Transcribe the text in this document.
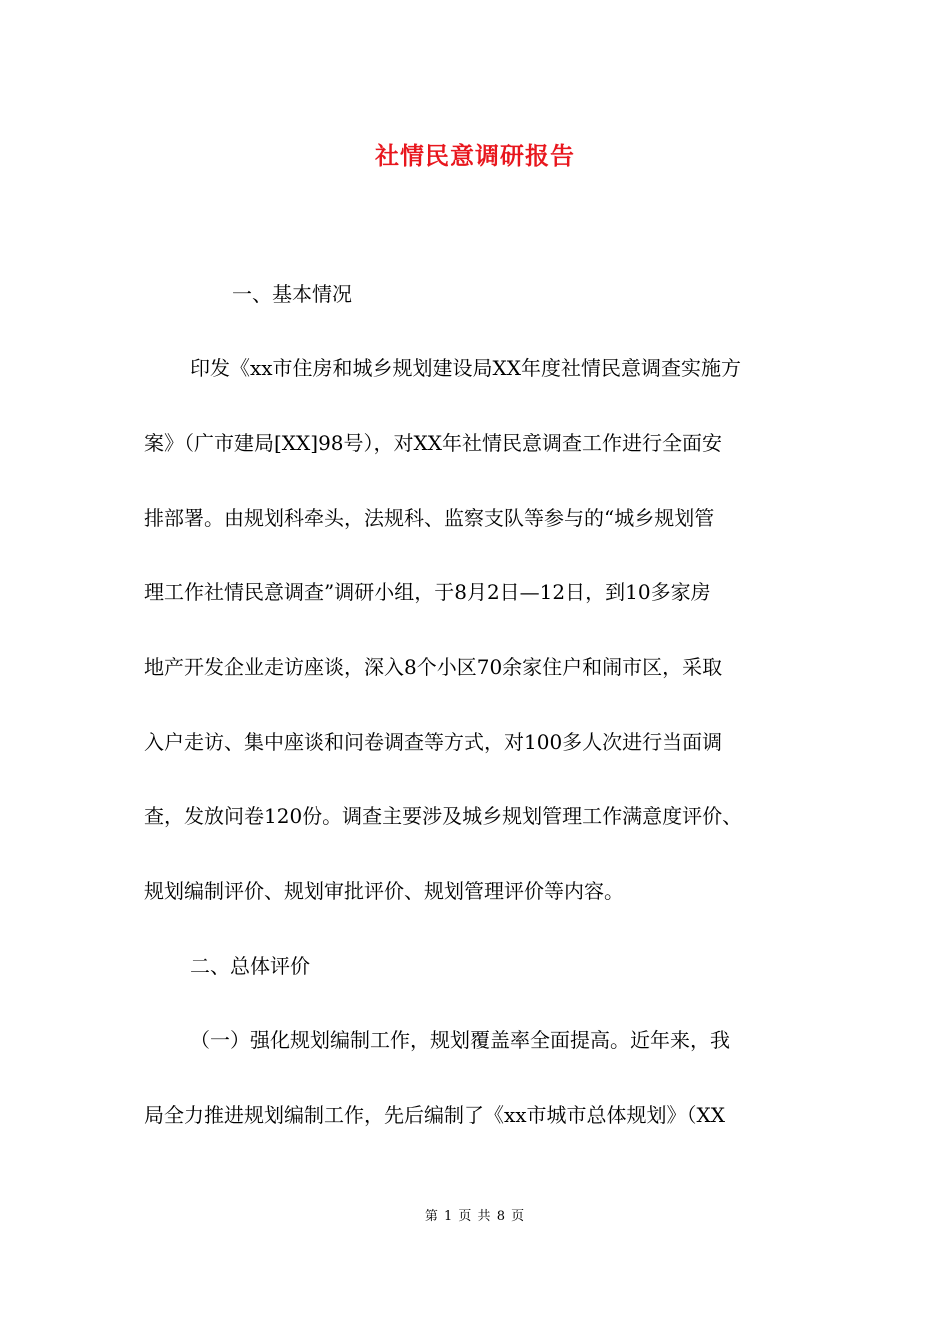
社情民意调研报告
一、基本情况
印发《xx市住房和城乡规划建设局XX年度社情民意调查实施方
案》（广市建局[XX]98号），对XX年社情民意调查工作进行全面安
排部署。由规划科牵头，法规科、监察支队等参与的“城乡规划管
理工作社情民意调查”调研小组，于8月2日—12日，到10多家房
地产开发企业走访座谈，深入8个小区70余家住户和闹市区，采取
入户走访、集中座谈和问卷调查等方式，对100多人次进行当面调
查，发放问卷120份。调查主要涉及城乡规划管理工作满意度评价、
规划编制评价、规划审批评价、规划管理评价等内容。
二、总体评价
（一）强化规划编制工作，规划覆盖率全面提高。近年来，我
局全力推进规划编制工作，先后编制了《xx市城市总体规划》（XX
第 1 页 共 8 页
